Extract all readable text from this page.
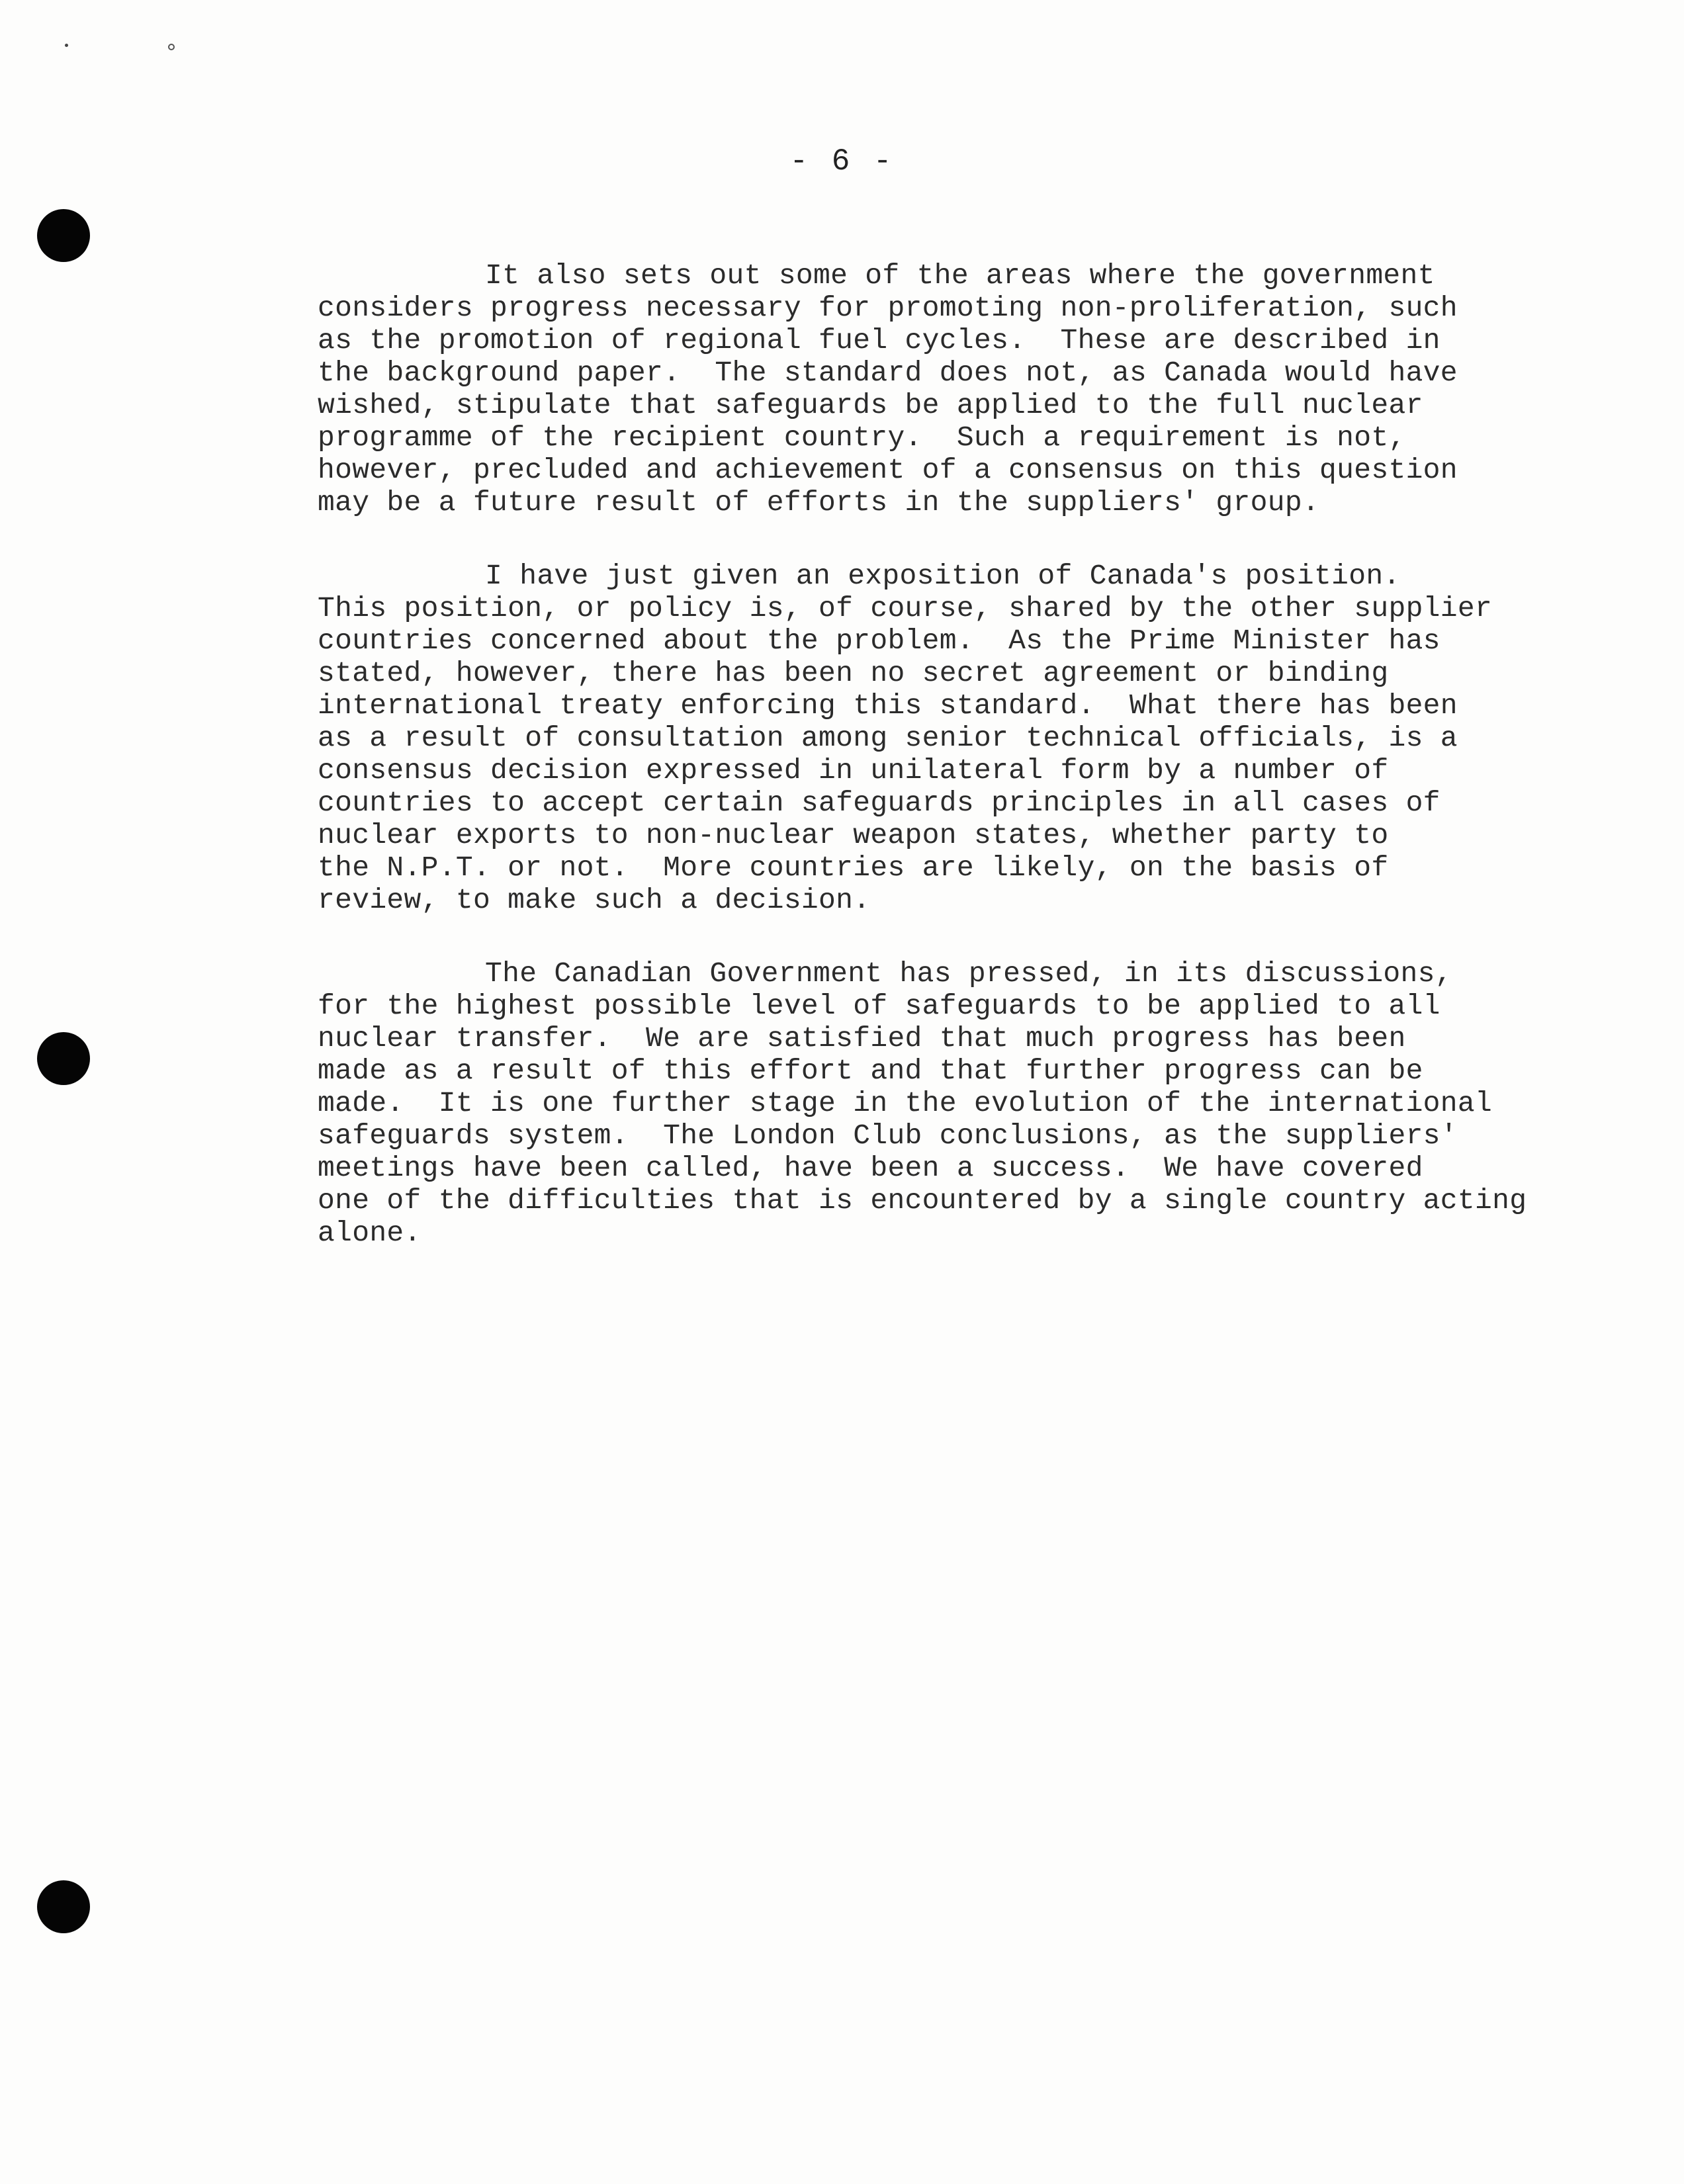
- 6 -
It also sets out some of the areas where the government
considers progress necessary for promoting non-proliferation, such
as the promotion of regional fuel cycles.  These are described in
the background paper.  The standard does not, as Canada would have
wished, stipulate that safeguards be applied to the full nuclear
programme of the recipient country.  Such a requirement is not,
however, precluded and achievement of a consensus on this question
may be a future result of efforts in the suppliers' group.
I have just given an exposition of Canada's position.
This position, or policy is, of course, shared by the other supplier
countries concerned about the problem.  As the Prime Minister has
stated, however, there has been no secret agreement or binding
international treaty enforcing this standard.  What there has been
as a result of consultation among senior technical officials, is a
consensus decision expressed in unilateral form by a number of
countries to accept certain safeguards principles in all cases of
nuclear exports to non-nuclear weapon states, whether party to
the N.P.T. or not.  More countries are likely, on the basis of
review, to make such a decision.
The Canadian Government has pressed, in its discussions,
for the highest possible level of safeguards to be applied to all
nuclear transfer.  We are satisfied that much progress has been
made as a result of this effort and that further progress can be
made.  It is one further stage in the evolution of the international
safeguards system.  The London Club conclusions, as the suppliers'
meetings have been called, have been a success.  We have covered
one of the difficulties that is encountered by a single country acting
alone.
